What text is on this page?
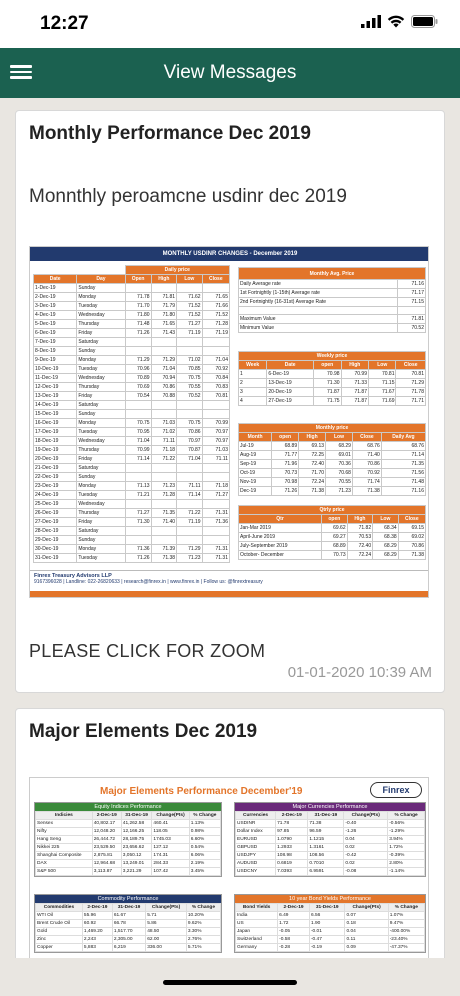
12:27
View Messages
Monthly Performance Dec 2019
Monnthly peroamcne usdinr dec 2019
MONTHLY USDINR CHANGES - December 2019
		Daily price			
Date	Day	Open	High	Low	Close
1-Dec-19	Sunday				
2-Dec-19	Monday	71.78	71.81	71.62	71.65
3-Dec-19	Tuesday	71.70	71.79	71.52	71.66
4-Dec-19	Wednesday	71.80	71.80	71.52	71.52
5-Dec-19	Thursday	71.48	71.65	71.27	71.28
6-Dec-19	Friday	71.26	71.43	71.19	71.19
7-Dec-19	Saturday				
8-Dec-19	Sunday				
9-Dec-19	Monday	71.29	71.29	71.02	71.04
10-Dec-19	Tuesday	70.96	71.04	70.85	70.92
11-Dec-19	Wednesday	70.89	70.94	70.75	70.84
12-Dec-19	Thursday	70.69	70.86	70.55	70.83
13-Dec-19	Friday	70.54	70.88	70.52	70.81
14-Dec-19	Saturday				
15-Dec-19	Sunday				
16-Dec-19	Monday	70.75	71.03	70.75	70.99
17-Dec-19	Tuesday	70.95	71.02	70.86	70.97
18-Dec-19	Wednesday	71.04	71.11	70.97	70.97
19-Dec-19	Thursday	70.99	71.18	70.87	71.03
20-Dec-19	Friday	71.14	71.22	71.04	71.11
21-Dec-19	Saturday				
22-Dec-19	Sunday				
23-Dec-19	Monday	71.13	71.23	71.11	71.18
24-Dec-19	Tuesday	71.21	71.28	71.14	71.27
25-Dec-19	Wednesday				
26-Dec-19	Thursday	71.27	71.35	71.22	71.31
27-Dec-19	Friday	71.30	71.40	71.19	71.36
28-Dec-19	Saturday				
29-Dec-19	Sunday				
30-Dec-19	Monday	71.36	71.39	71.29	71.31
31-Dec-19	Tuesday	71.26	71.38	71.23	71.31
Monthly Avg. Price	
Daily Average rate	71.16
1st Fortnightly (1-15th) Average rate	71.17
2nd Fortnightly (16-31st) Average Rate	71.15

Maximum Value	71.81
Minimum Value	70.52
Weekly price					
Week	Date	open	High	Low	Close
1	6-Dec-19	70.98	70.99	70.81	70.81
2	13-Dec-19	71.30	71.33	71.15	71.29
3	20-Dec-19	71.87	71.87	71.67	71.78
4	27-Dec-19	71.75	71.87	71.69	71.71
Monthly price					
Month	open	High	Low	Close	Daily Avg
Jul-19	68.89	69.13	68.29	68.76	68.76
Aug-19	71.77	72.25	69.01	71.40	71.14
Sep-19	71.96	72.40	70.36	70.86	71.35
Oct-19	70.73	71.70	70.68	70.92	71.56
Nov-19	70.98	72.24	70.55	71.74	71.48
Dec-19	71.26	71.38	71.23	71.38	71.16
Qtrly price				
Qtr	open	High	Low	Close
Jan-Mar 2019	69.62	71.82	68.34	69.15
April-June 2019	69.27	70.53	68.38	69.02
July-September 2019	68.89	72.40	68.29	70.86
October- December	70.73	72.24	68.29	71.38
Finrex Treasury Advisors LLP
9167396028 | Landline: 022-26820633 | research@finrex.in | www.finrex.in | Follow us: @finrextreasury
PLEASE CLICK FOR ZOOM
01-01-2020 10:39 AM
Major Elements Dec 2019
Major Elements Performance December'19	Finrex
Equity Indices Performance
Indicies	2-Dec-19	31-Dec-19	Change(Pts)	% Change
Sensex	40,802.17	41,262.58	460.41	1.13%
Nifty	12,048.20	12,166.25	118.05	0.98%
Hang Seng	26,444.72	28,189.75	1745.03	6.60%
Nikkei 225	23,529.50	23,656.62	127.12	0.54%
Shanghai Composite	2,875.81	3,050.12	174.31	6.06%
DAX	12,964.68	13,249.01	284.33	2.19%
S&P 500	3,113.87	3,221.29	107.42	3.45%
Major Currencies Performance
Currencies	2-Dec-19	31-Dec-19	Change(Pts)	% Change
USDINR	71.78	71.38	-0.40	-0.56%
Dollar Index	97.85	96.59	-1.26	-1.29%
EURUSD	1.0790	1.1215	0.04	3.94%
GBPUSD	1.2933	1.3161	0.02	1.72%
USDJPY	108.98	108.56	-0.42	-0.39%
AUDUSD	0.6819	0.7010	0.02	2.80%
USDCNY	7.0393	6.9591	-0.08	-1.14%
Commodity Performance
Commodities	2-Dec-19	31-Dec-19	Change(Pts)	% Change
WTI Oil	55.96	61.67	5.71	10.20%
Brent Crude Oil	60.92	66.78	5.86	9.62%
Gold	1,469.20	1,517.70	48.50	3.30%
Zinc	2,243	2,305.00	62.00	2.76%
Copper	5,883	6,219	336.00	5.71%
10 year Bond Yields Performance
Bond Yields	2-Dec-19	31-Dec-19	Change(Pts)	% Change
India	6.49	6.56	0.07	1.07%
US	1.72	1.90	0.18	9.47%
Japan	-0.05	-0.01	0.04	-400.00%
Switzerland	-0.58	-0.47	0.11	-23.40%
Germany	-0.28	-0.19	0.09	-47.37%
